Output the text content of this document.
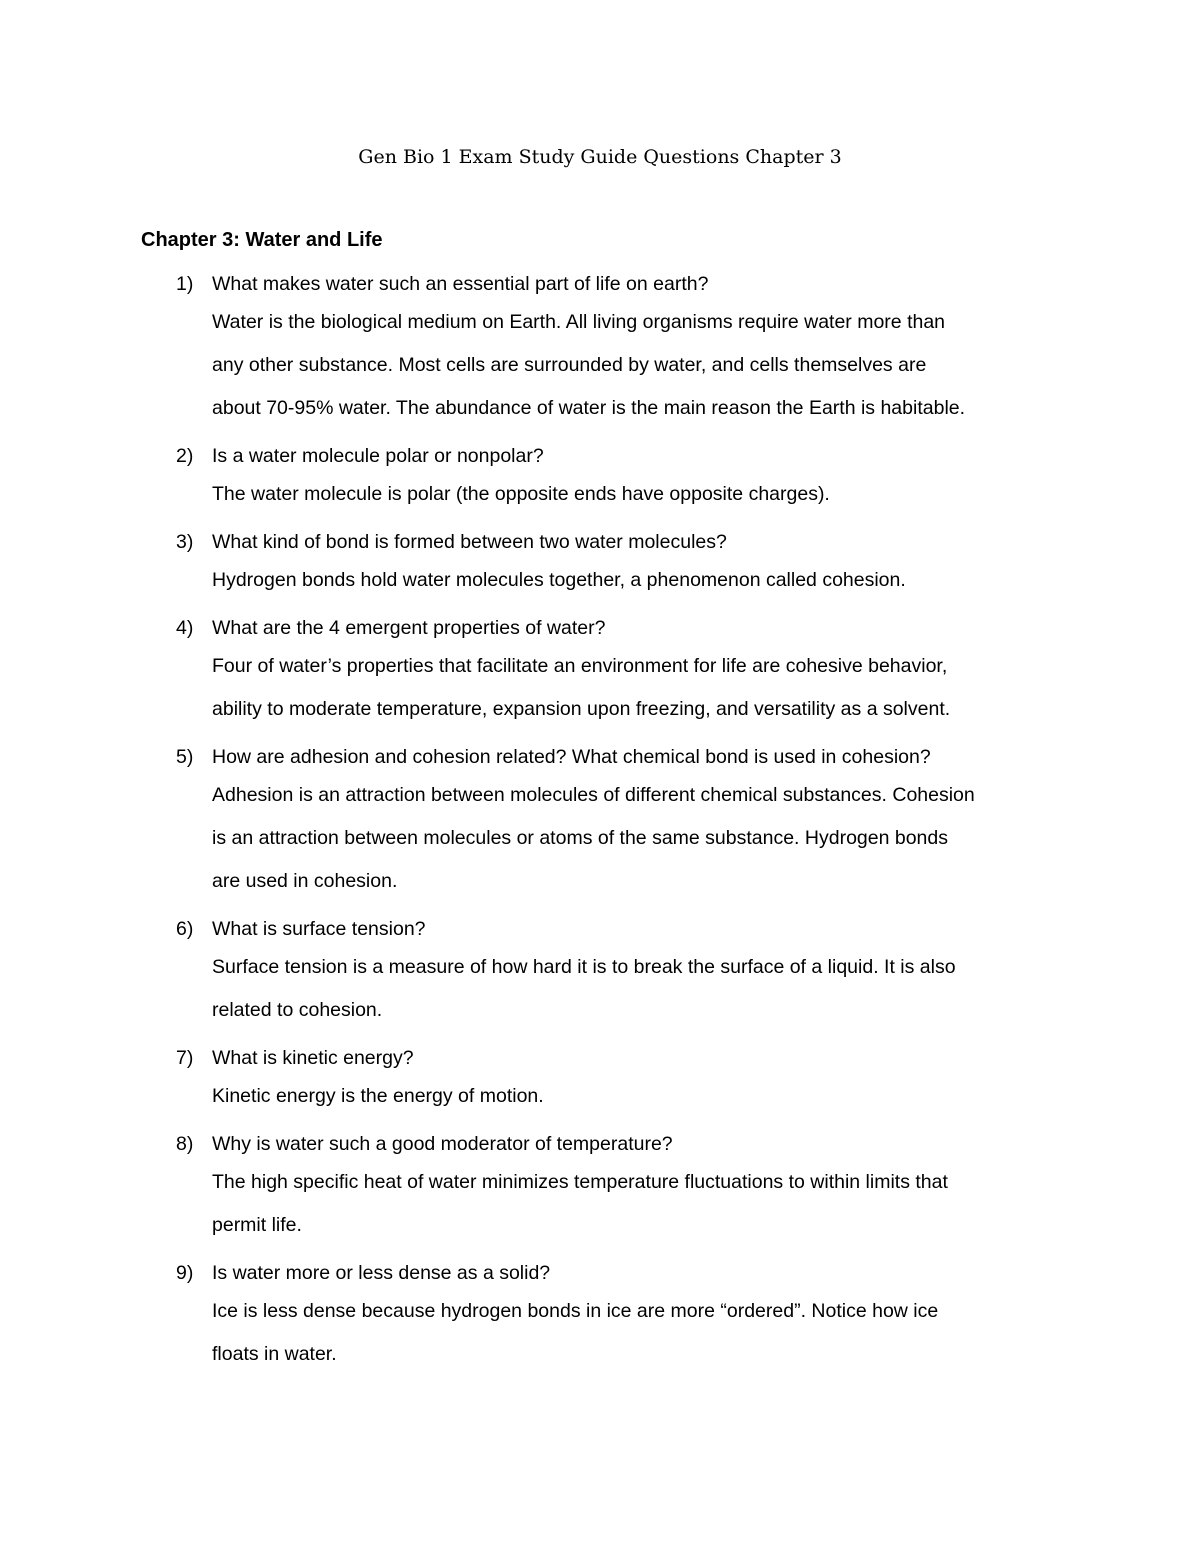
Gen Bio 1 Exam Study Guide Questions Chapter 3
Chapter 3: Water and Life
1) What makes water such an essential part of life on earth?

Water is the biological medium on Earth. All living organisms require water more than
any other substance. Most cells are surrounded by water, and cells themselves are
about 70-95% water. The abundance of water is the main reason the Earth is habitable.

2) Is a water molecule polar or nonpolar?

The water molecule is polar (the opposite ends have opposite charges).

3) What kind of bond is formed between two water molecules?

Hydrogen bonds hold water molecules together, a phenomenon called cohesion.

4) What are the 4 emergent properties of water?

Four of water’s properties that facilitate an environment for life are cohesive behavior,
ability to moderate temperature, expansion upon freezing, and versatility as a solvent.

5) How are adhesion and cohesion related? What chemical bond is used in cohesion?

Adhesion is an attraction between molecules of different chemical substances. Cohesion
is an attraction between molecules or atoms of the same substance. Hydrogen bonds
are used in cohesion.

6) What is surface tension?

Surface tension is a measure of how hard it is to break the surface of a liquid. It is also
related to cohesion.

7) What is kinetic energy?

Kinetic energy is the energy of motion.

8) Why is water such a good moderator of temperature?

The high specific heat of water minimizes temperature fluctuations to within limits that
permit life.

9) Is water more or less dense as a solid?

Ice is less dense because hydrogen bonds in ice are more “ordered”. Notice how ice
floats in water.
